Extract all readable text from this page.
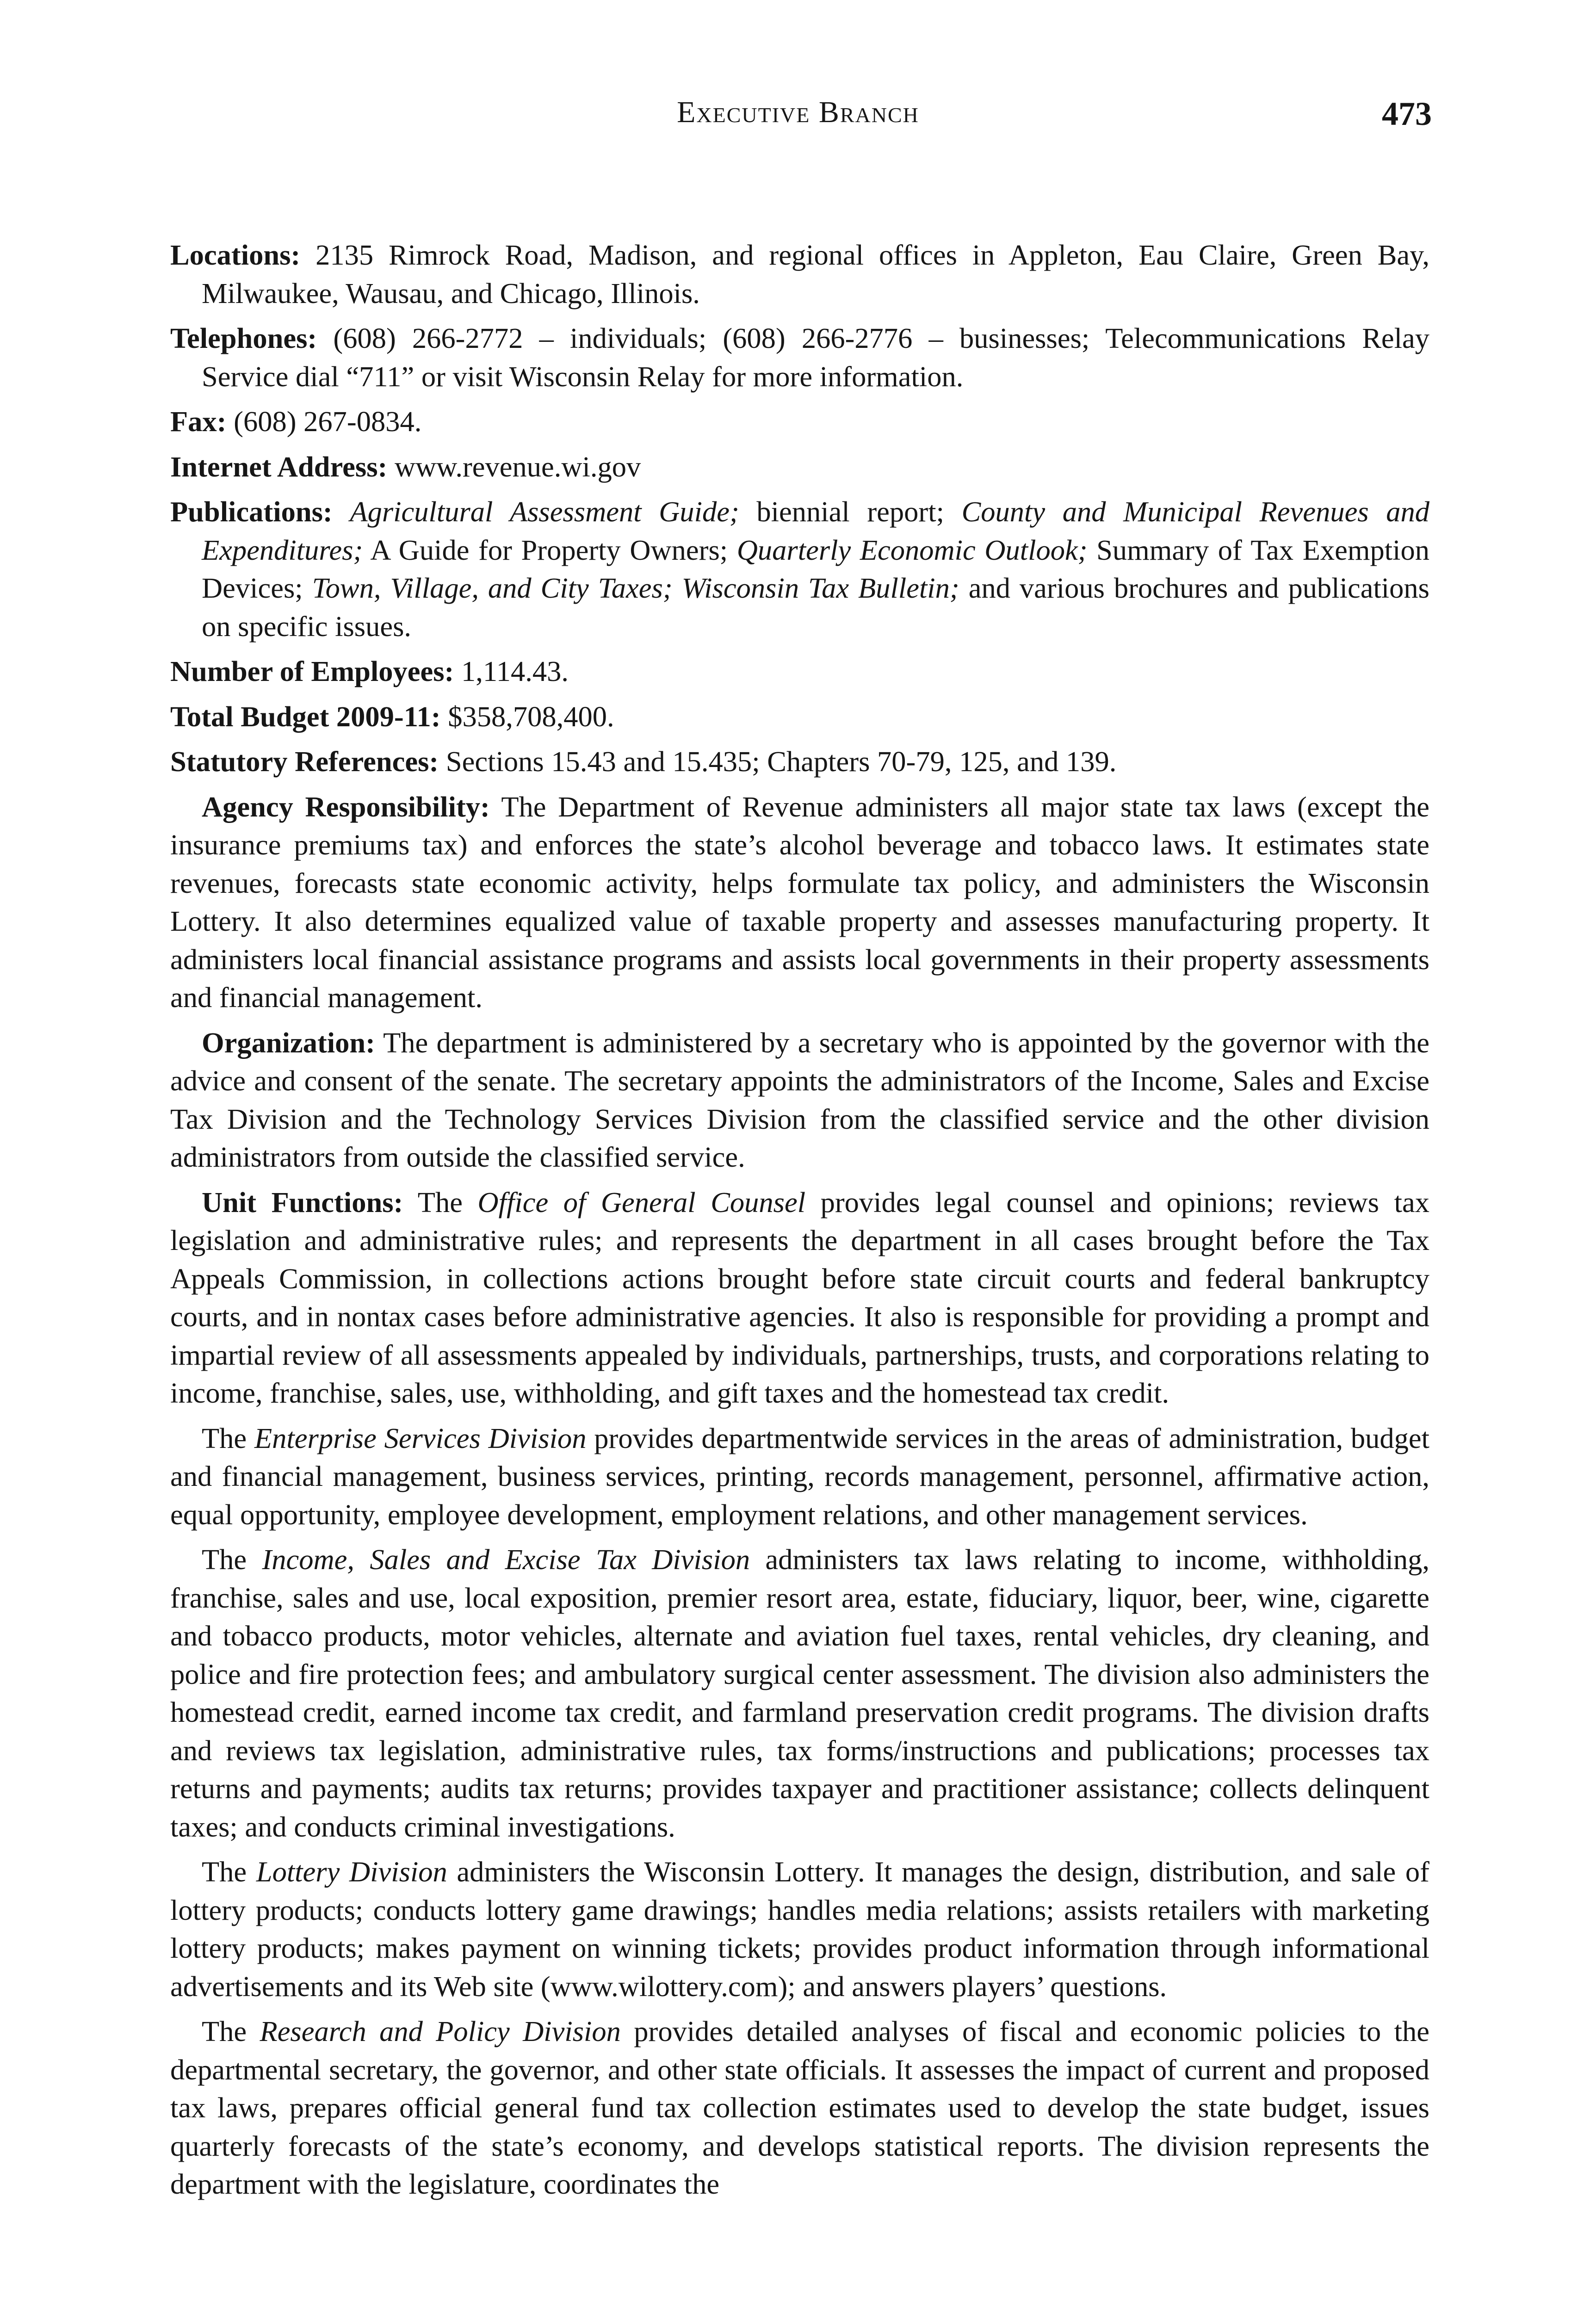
Executive Branch	473

Locations: 2135 Rimrock Road, Madison, and regional offices in Appleton, Eau Claire, Green Bay, Milwaukee, Wausau, and Chicago, Illinois.

Telephones: (608) 266-2772 – individuals; (608) 266-2776 – businesses; Telecommunications Relay Service dial “711” or visit Wisconsin Relay for more information.

Fax: (608) 267-0834.

Internet Address: www.revenue.wi.gov

Publications: Agricultural Assessment Guide; biennial report; County and Municipal Revenues and Expenditures; A Guide for Property Owners; Quarterly Economic Outlook; Summary of Tax Exemption Devices; Town, Village, and City Taxes; Wisconsin Tax Bulletin; and various brochures and publications on specific issues.

Number of Employees: 1,114.43.

Total Budget 2009-11: $358,708,400.

Statutory References: Sections 15.43 and 15.435; Chapters 70-79, 125, and 139.

Agency Responsibility: The Department of Revenue administers all major state tax laws (except the insurance premiums tax) and enforces the state’s alcohol beverage and tobacco laws. It estimates state revenues, forecasts state economic activity, helps formulate tax policy, and administers the Wisconsin Lottery. It also determines equalized value of taxable property and assesses manufacturing property. It administers local financial assistance programs and assists local governments in their property assessments and financial management.

Organization: The department is administered by a secretary who is appointed by the governor with the advice and consent of the senate. The secretary appoints the administrators of the Income, Sales and Excise Tax Division and the Technology Services Division from the classified service and the other division administrators from outside the classified service.

Unit Functions: The Office of General Counsel provides legal counsel and opinions; reviews tax legislation and administrative rules; and represents the department in all cases brought before the Tax Appeals Commission, in collections actions brought before state circuit courts and federal bankruptcy courts, and in nontax cases before administrative agencies. It also is responsible for providing a prompt and impartial review of all assessments appealed by individuals, partnerships, trusts, and corporations relating to income, franchise, sales, use, withholding, and gift taxes and the homestead tax credit.

The Enterprise Services Division provides departmentwide services in the areas of administration, budget and financial management, business services, printing, records management, personnel, affirmative action, equal opportunity, employee development, employment relations, and other management services.

The Income, Sales and Excise Tax Division administers tax laws relating to income, withholding, franchise, sales and use, local exposition, premier resort area, estate, fiduciary, liquor, beer, wine, cigarette and tobacco products, motor vehicles, alternate and aviation fuel taxes, rental vehicles, dry cleaning, and police and fire protection fees; and ambulatory surgical center assessment. The division also administers the homestead credit, earned income tax credit, and farmland preservation credit programs. The division drafts and reviews tax legislation, administrative rules, tax forms/instructions and publications; processes tax returns and payments; audits tax returns; provides taxpayer and practitioner assistance; collects delinquent taxes; and conducts criminal investigations.

The Lottery Division administers the Wisconsin Lottery. It manages the design, distribution, and sale of lottery products; conducts lottery game drawings; handles media relations; assists retailers with marketing lottery products; makes payment on winning tickets; provides product information through informational advertisements and its Web site (www.wilottery.com); and answers players’ questions.

The Research and Policy Division provides detailed analyses of fiscal and economic policies to the departmental secretary, the governor, and other state officials. It assesses the impact of current and proposed tax laws, prepares official general fund tax collection estimates used to develop the state budget, issues quarterly forecasts of the state’s economy, and develops statistical reports. The division represents the department with the legislature, coordinates the
